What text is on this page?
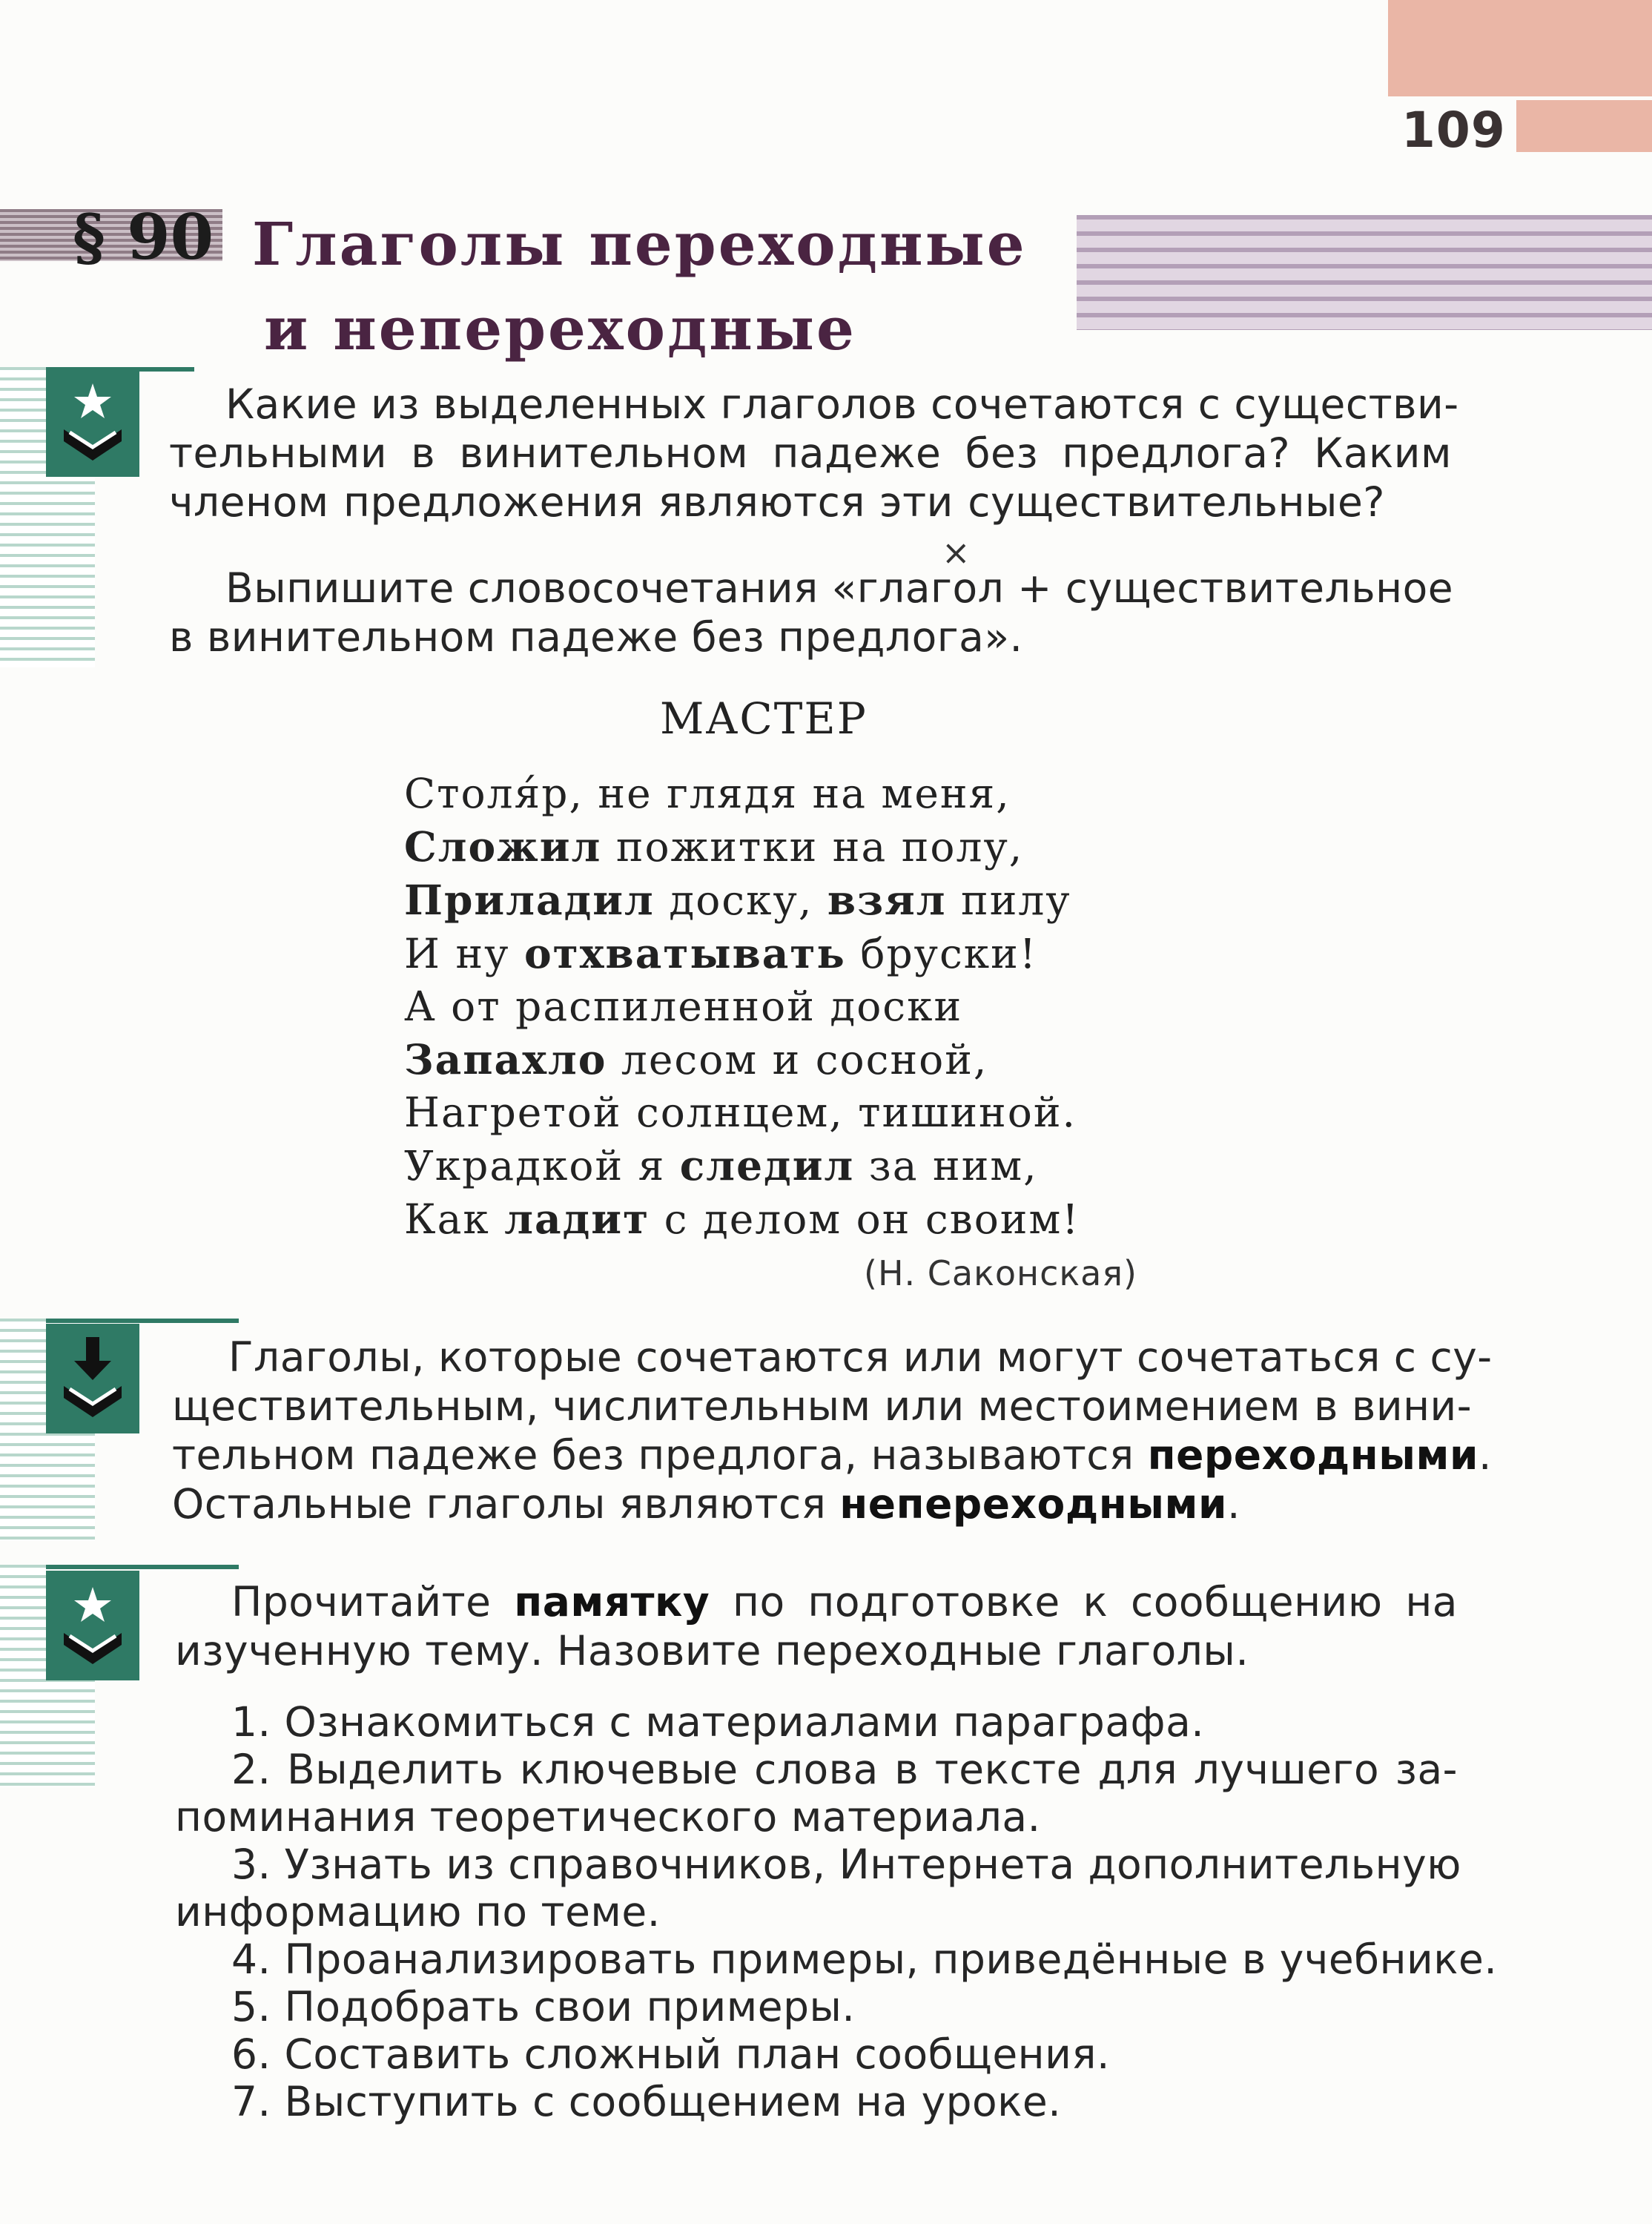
109
§ 90 Глаголы переходные
и непереходные
Какие из выделенных глаголов сочетаются с существи-
тельными в винительном падеже без предлога? Каким
членом предложения являются эти существительные?
×
Выпишите словосочетания «глагол + существительное
в винительном падеже без предлога».
МАСТЕР
Столя́р, не глядя на меня,
Сложил пожитки на полу,
Приладил доску, взял пилу
И ну отхватывать бруски!
А от распиленной доски
Запахло лесом и сосной,
Нагретой солнцем, тишиной.
Украдкой я следил за ним,
Как ладит с делом он своим!
(Н. Саконская)
Глаголы, которые сочетаются или могут сочетаться с су-
ществительным, числительным или местоимением в вини-
тельном падеже без предлога, называются переходными.
Остальные глаголы являются непереходными.
Прочитайте памятку по подготовке к сообщению на
изученную тему. Назовите переходные глаголы.
1. Ознакомиться с материалами параграфа.
2. Выделить ключевые слова в тексте для лучшего за-
поминания теоретического материала.
3. Узнать из справочников, Интернета дополнительную
информацию по теме.
4. Проанализировать примеры, приведённые в учебнике.
5. Подобрать свои примеры.
6. Составить сложный план сообщения.
7. Выступить с сообщением на уроке.
